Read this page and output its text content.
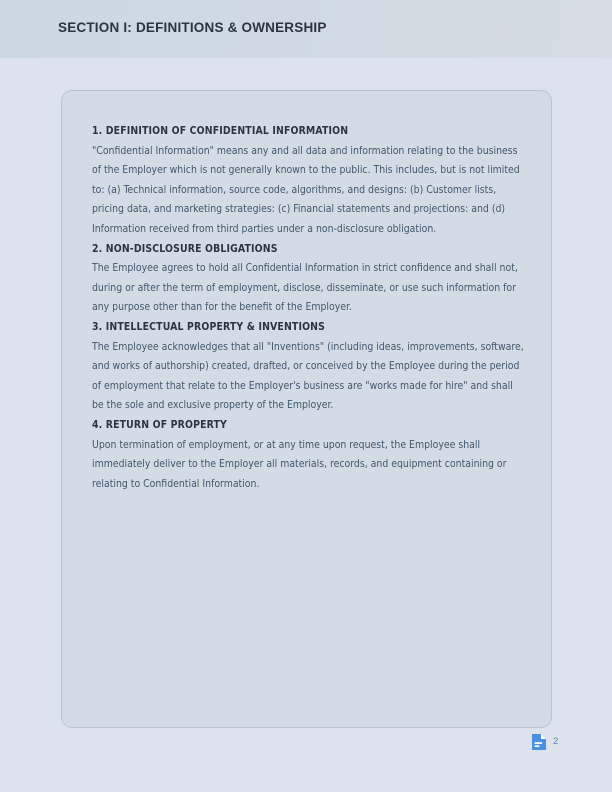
SECTION I: DEFINITIONS & OWNERSHIP
1. DEFINITION OF CONFIDENTIAL INFORMATION
"Confidential Information" means any and all data and information relating to the business of the Employer which is not generally known to the public. This includes, but is not limited to: (a) Technical information, source code, algorithms, and designs: (b) Customer lists, pricing data, and marketing strategies: (c) Financial statements and projections: and (d) Information received from third parties under a non-disclosure obligation.
2. NON-DISCLOSURE OBLIGATIONS
The Employee agrees to hold all Confidential Information in strict confidence and shall not, during or after the term of employment, disclose, disseminate, or use such information for any purpose other than for the benefit of the Employer.
3. INTELLECTUAL PROPERTY & INVENTIONS
The Employee acknowledges that all "Inventions" (including ideas, improvements, software, and works of authorship) created, drafted, or conceived by the Employee during the period of employment that relate to the Employer's business are "works made for hire" and shall be the sole and exclusive property of the Employer.
4. RETURN OF PROPERTY
Upon termination of employment, or at any time upon request, the Employee shall immediately deliver to the Employer all materials, records, and equipment containing or relating to Confidential Information.
2
